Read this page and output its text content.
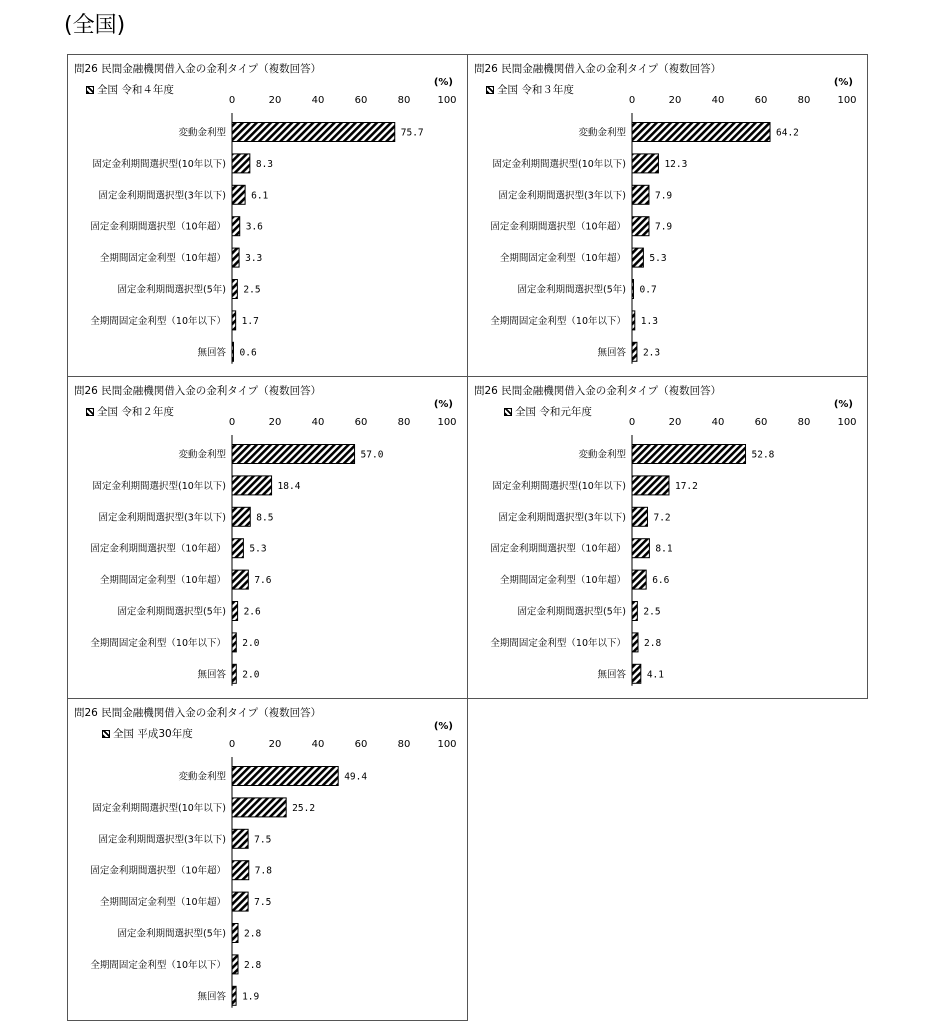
(全国)
問26 民間金融機関借入金の金利タイプ（複数回答）
全国 令和４年度
(%)
0	20	40	60	80	100
変動金利型	75.7
固定金利期間選択型(10年以下)	8.3
固定金利期間選択型(3年以下)	6.1
固定金利期間選択型（10年超） 3.6
全期間固定金利型（10年超） 3.3
固定金利期間選択型(5年) 2.5
全期間固定金利型（10年以下） 1.7
無回答 0.6
問26 民間金融機関借入金の金利タイプ（複数回答）
全国 令和３年度
(%)
0	20	40	60	80	100
変動金利型	64.2
固定金利期間選択型(10年以下)	12.3
固定金利期間選択型(3年以下)	7.9
固定金利期間選択型（10年超）	7.9
全期間固定金利型（10年超） 5.3
固定金利期間選択型(5年) 0.7
全期間固定金利型（10年以下） 1.3
無回答 2.3
問26 民間金融機関借入金の金利タイプ（複数回答）
全国 令和２年度
(%)
0	20	40	60	80	100
変動金利型	57.0
固定金利期間選択型(10年以下)	18.4
固定金利期間選択型(3年以下)	8.5
固定金利期間選択型（10年超） 5.3
全期間固定金利型（10年超）	7.6
固定金利期間選択型(5年) 2.6
全期間固定金利型（10年以下） 2.0
無回答 2.0
問26 民間金融機関借入金の金利タイプ（複数回答）
全国 令和元年度
(%)
0	20	40	60	80	100
変動金利型	52.8
固定金利期間選択型(10年以下)	17.2
固定金利期間選択型(3年以下)	7.2
固定金利期間選択型（10年超）	8.1
全期間固定金利型（10年超）	6.6
固定金利期間選択型(5年) 2.5
全期間固定金利型（10年以下） 2.8
無回答 4.1
問26 民間金融機関借入金の金利タイプ（複数回答）
全国 平成30年度
(%)
0	20	40	60	80	100
変動金利型	49.4
固定金利期間選択型(10年以下)	25.2
固定金利期間選択型(3年以下)	7.5
固定金利期間選択型（10年超）	7.8
全期間固定金利型（10年超）	7.5
固定金利期間選択型(5年) 2.8
全期間固定金利型（10年以下） 2.8
無回答 1.9
